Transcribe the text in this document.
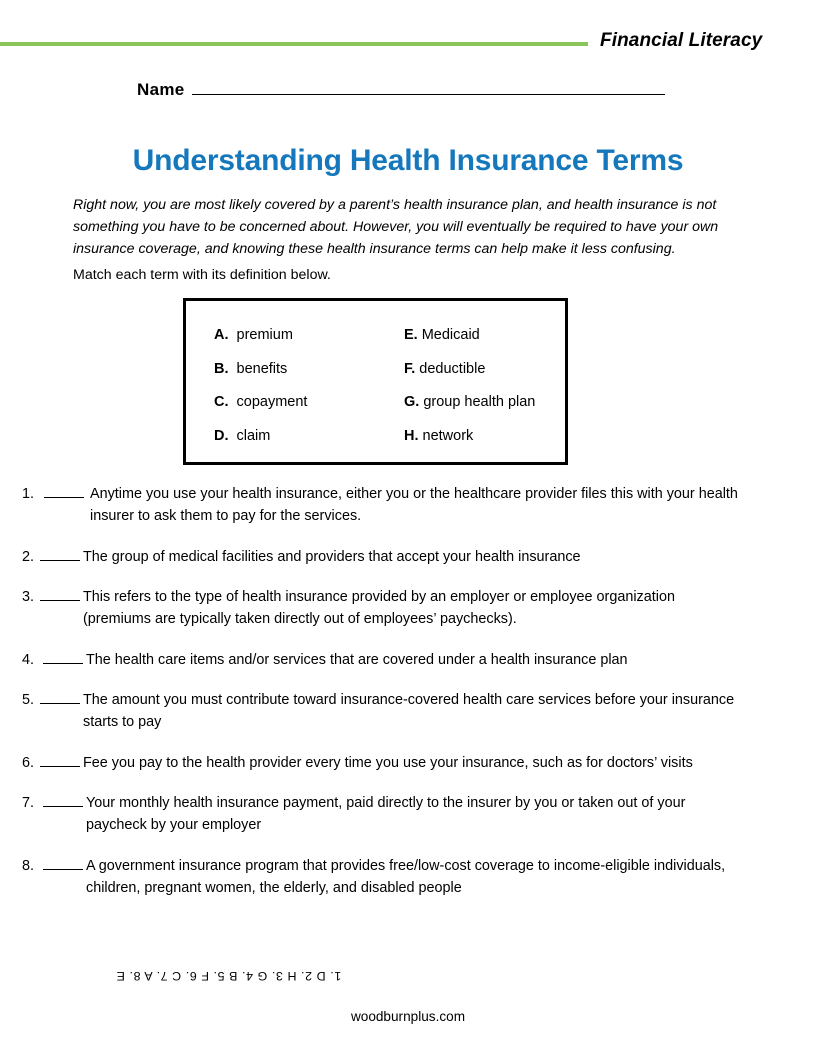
Financial Literacy
Name
Understanding Health Insurance Terms
Right now, you are most likely covered by a parent’s health insurance plan, and health insurance is not something you have to be concerned about. However, you will eventually be required to have your own insurance coverage, and knowing these health insurance terms can help make it less confusing.
Match each term with its definition below.
A. premium	E. Medicaid
B. benefits	F. deductible
C. copayment	G. group health plan
D. claim	H. network
1.	Anytime you use your health insurance, either you or the healthcare provider files this with your health insurer to ask them to pay for the services.
2.	The group of medical facilities and providers that accept your health insurance
3.	This refers to the type of health insurance provided by an employer or employee organization (premiums are typically taken directly out of employees’ paychecks).
4.	The health care items and/or services that are covered under a health insurance plan
5.	The amount you must contribute toward insurance-covered health care services before your insurance starts to pay
6.	Fee you pay to the health provider every time you use your insurance, such as for doctors’ visits
7.	Your monthly health insurance payment, paid directly to the insurer by you or taken out of your paycheck by your employer
8.	A government insurance program that provides free/low-cost coverage to income-eligible individuals, children, pregnant women, the elderly, and disabled people
1. D 2. H 3. G 4. B 5. F 6. C 7. A 8. E
woodburnplus.com
